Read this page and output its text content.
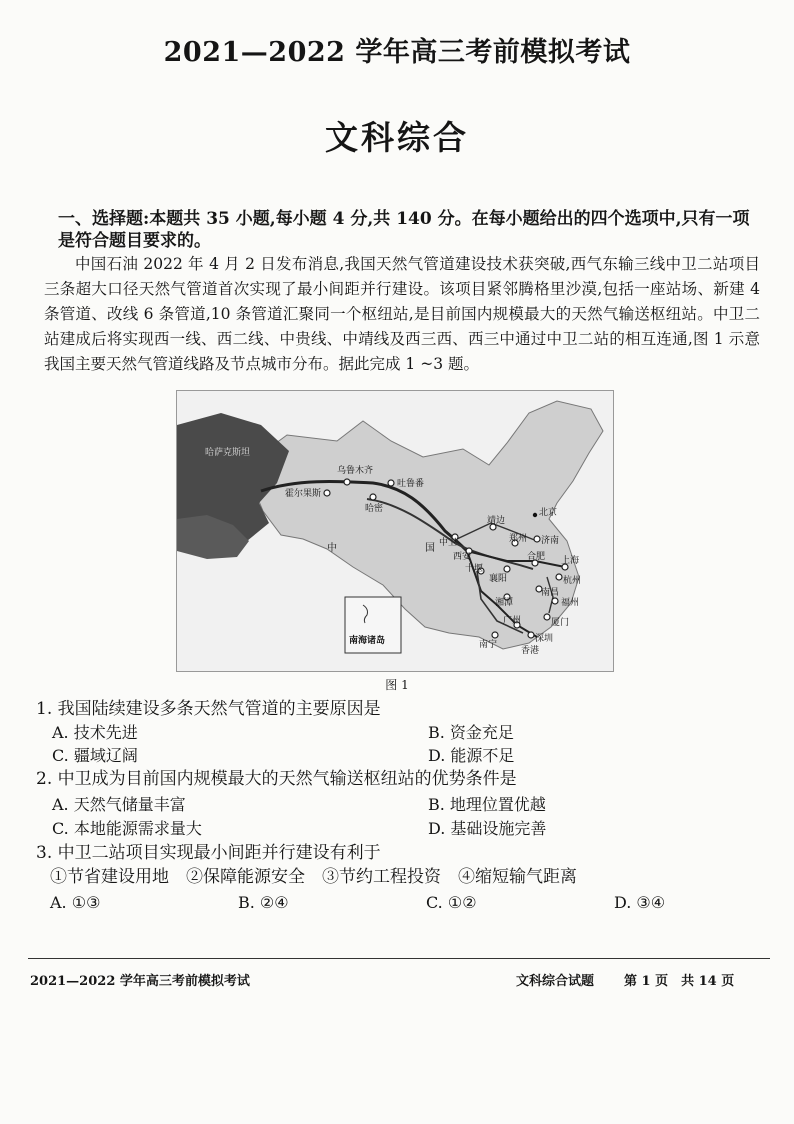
2021—2022 学年高三考前模拟考试
文科综合
一、选择题:本题共 35 小题,每小题 4 分,共 140 分。在每小题给出的四个选项中,只有一项是符合题目要求的。
中国石油 2022 年 4 月 2 日发布消息,我国天然气管道建设技术获突破,西气东输三线中卫二站项目三条超大口径天然气管道首次实现了最小间距并行建设。该项目紧邻腾格里沙漠,包括一座站场、新建 4 条管道、改线 6 条管道,10 条管道汇聚同一个枢纽站,是目前国内规模最大的天然气输送枢纽站。中卫二站建成后将实现西一线、西二线、中贵线、中靖线及西三西、西三中通过中卫二站的相互连通,图 1 示意我国主要天然气管道线路及节点城市分布。据此完成 1 ~3 题。
哈萨克斯坦
乌鲁木齐
吐鲁番
霍尔果斯
哈密
中	国
北京
靖边
郑州 济南
中卫
西安
十堰
合肥 上海
杭州
襄阳
南昌
湘潭	福州
厦门
广州
深圳
南宁
香港
南海诸岛
图 1
1. 我国陆续建设多条天然气管道的主要原因是
A. 技术先进	B. 资金充足
C. 疆域辽阔	D. 能源不足
2. 中卫成为目前国内规模最大的天然气输送枢纽站的优势条件是
A. 天然气储量丰富	B. 地理位置优越
C. 本地能源需求量大	D. 基础设施完善
3. 中卫二站项目实现最小间距并行建设有利于
①节省建设用地　②保障能源安全　③节约工程投资　④缩短输气距离
A. ①③	B. ②④	C. ①②	D. ③④
2021—2022 学年高三考前模拟考试	文科综合试题 第 1 页　共 14 页
